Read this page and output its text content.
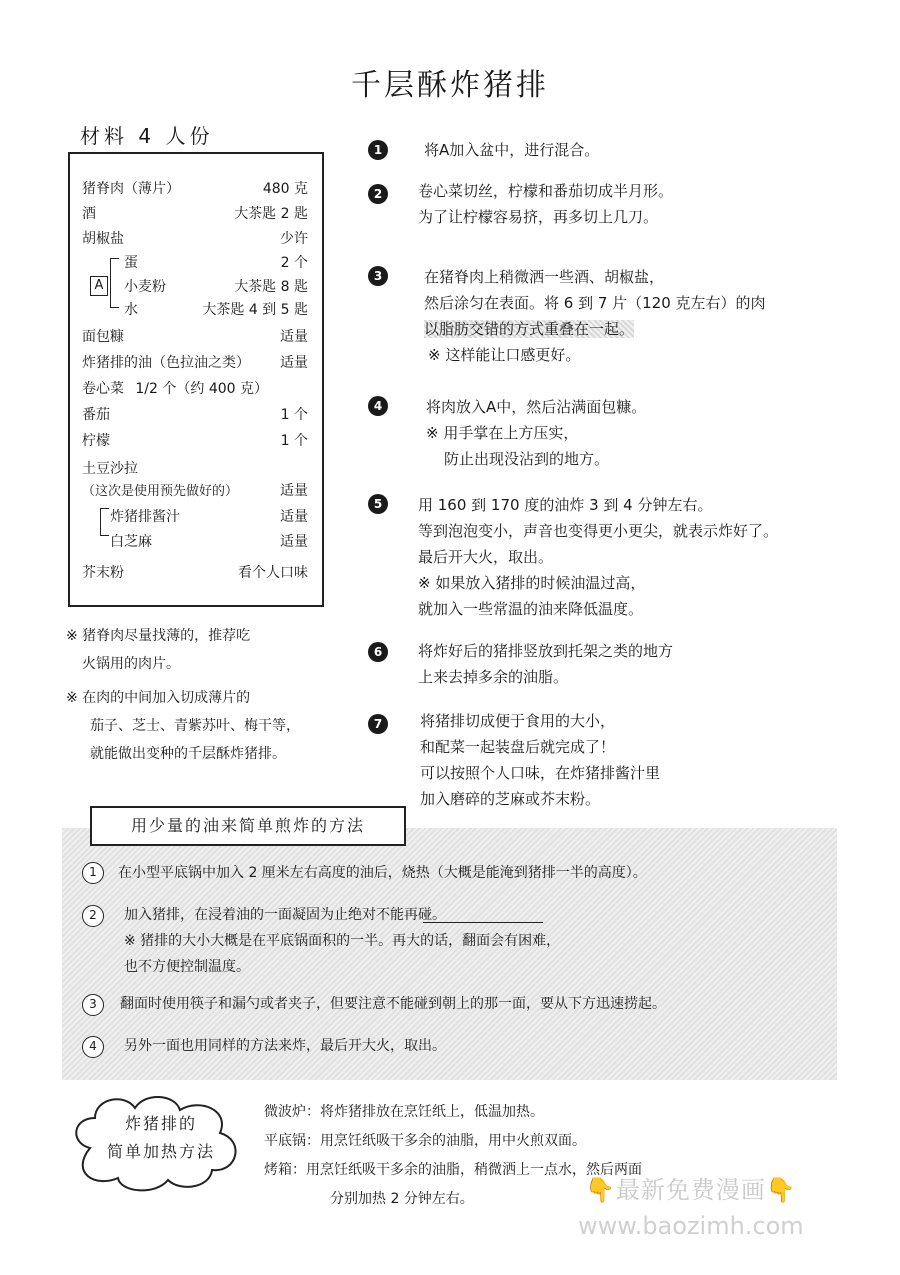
千层酥炸猪排
材料 4 人份
猪脊肉（薄片）	480 克
酒	大茶匙 2 匙
胡椒盐	少许
A
蛋	2 个
小麦粉	大茶匙 8 匙
水	大茶匙 4 到 5 匙
面包糠	适量
炸猪排的油（色拉油之类） 适量
卷心菜 1/2 个（约 400 克）
番茄	1 个
柠檬	1 个
土豆沙拉
（这次是使用预先做好的）	适量
炸猪排酱汁	适量
白芝麻	适量
芥末粉	看个人口味
※ 猪脊肉尽量找薄的，推荐吃
火锅用的肉片。
※ 在肉的中间加入切成薄片的
茄子、芝士、青紫苏叶、梅干等，
就能做出变种的千层酥炸猪排。
1	将A加入盆中，进行混合。
2	卷心菜切丝，柠檬和番茄切成半月形。
为了让柠檬容易挤，再多切上几刀。
3	在猪脊肉上稍微洒一些酒、胡椒盐，
然后涂匀在表面。将 6 到 7 片（120 克左右）的肉
以脂肪交错的方式重叠在一起。
※ 这样能让口感更好。
4	将肉放入A中，然后沾满面包糠。
※ 用手掌在上方压实，
防止出现没沾到的地方。
5	用 160 到 170 度的油炸 3 到 4 分钟左右。
等到泡泡变小，声音也变得更小更尖，就表示炸好了。
最后开大火，取出。
※ 如果放入猪排的时候油温过高，
就加入一些常温的油来降低温度。
6	将炸好后的猪排竖放到托架之类的地方
上来去掉多余的油脂。
7	将猪排切成便于食用的大小，
和配菜一起装盘后就完成了！
可以按照个人口味，在炸猪排酱汁里
加入磨碎的芝麻或芥末粉。
用少量的油来简单煎炸的方法
1	在小型平底锅中加入 2 厘米左右高度的油后，烧热（大概是能淹到猪排一半的高度）。
2	加入猪排，在浸着油的一面凝固为止绝对不能再碰。
※ 猪排的大小大概是在平底锅面积的一半。再大的话，翻面会有困难，
也不方便控制温度。
3	翻面时使用筷子和漏勺或者夹子，但要注意不能碰到朝上的那一面，要从下方迅速捞起。
4	另外一面也用同样的方法来炸，最后开大火，取出。
炸猪排的
简单加热方法
微波炉：将炸猪排放在烹饪纸上，低温加热。
平底锅：用烹饪纸吸干多余的油脂，用中火煎双面。
烤箱：用烹饪纸吸干多余的油脂，稍微洒上一点水，然后两面
分别加热 2 分钟左右。	👇最新免费漫画👇
www.baozimh.com
